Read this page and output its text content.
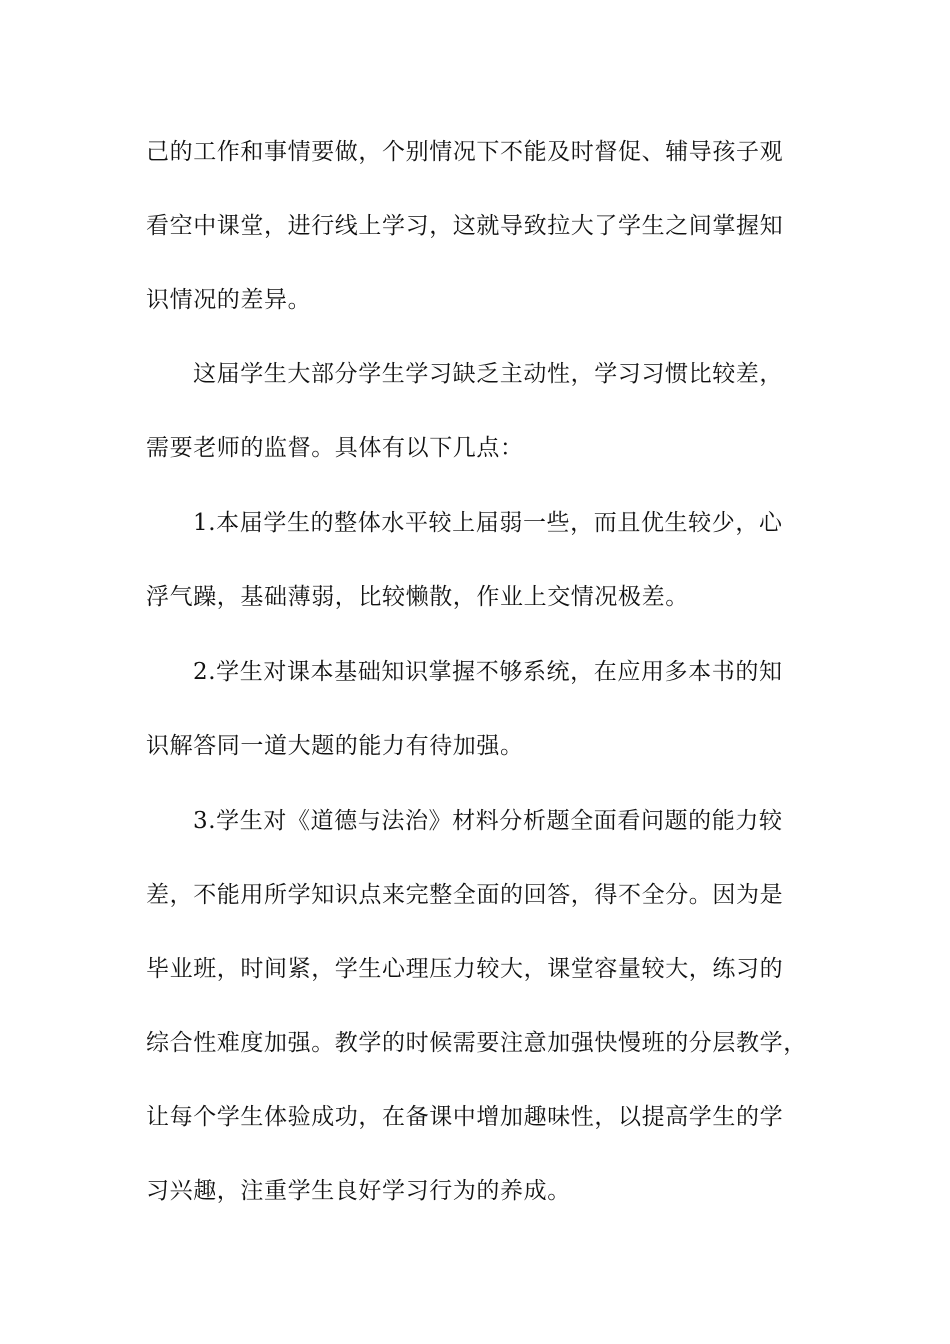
己的工作和事情要做，个别情况下不能及时督促、辅导孩子观
看空中课堂，进行线上学习，这就导致拉大了学生之间掌握知
识情况的差异。
这届学生大部分学生学习缺乏主动性，学习习惯比较差，
需要老师的监督。具体有以下几点：
1.本届学生的整体水平较上届弱一些，而且优生较少，心
浮气躁，基础薄弱，比较懒散，作业上交情况极差。
2.学生对课本基础知识掌握不够系统，在应用多本书的知
识解答同一道大题的能力有待加强。
3.学生对《道德与法治》材料分析题全面看问题的能力较
差，不能用所学知识点来完整全面的回答，得不全分。因为是
毕业班，时间紧，学生心理压力较大，课堂容量较大，练习的
综合性难度加强。教学的时候需要注意加强快慢班的分层教学，
让每个学生体验成功，在备课中增加趣味性，以提高学生的学
习兴趣，注重学生良好学习行为的养成。
